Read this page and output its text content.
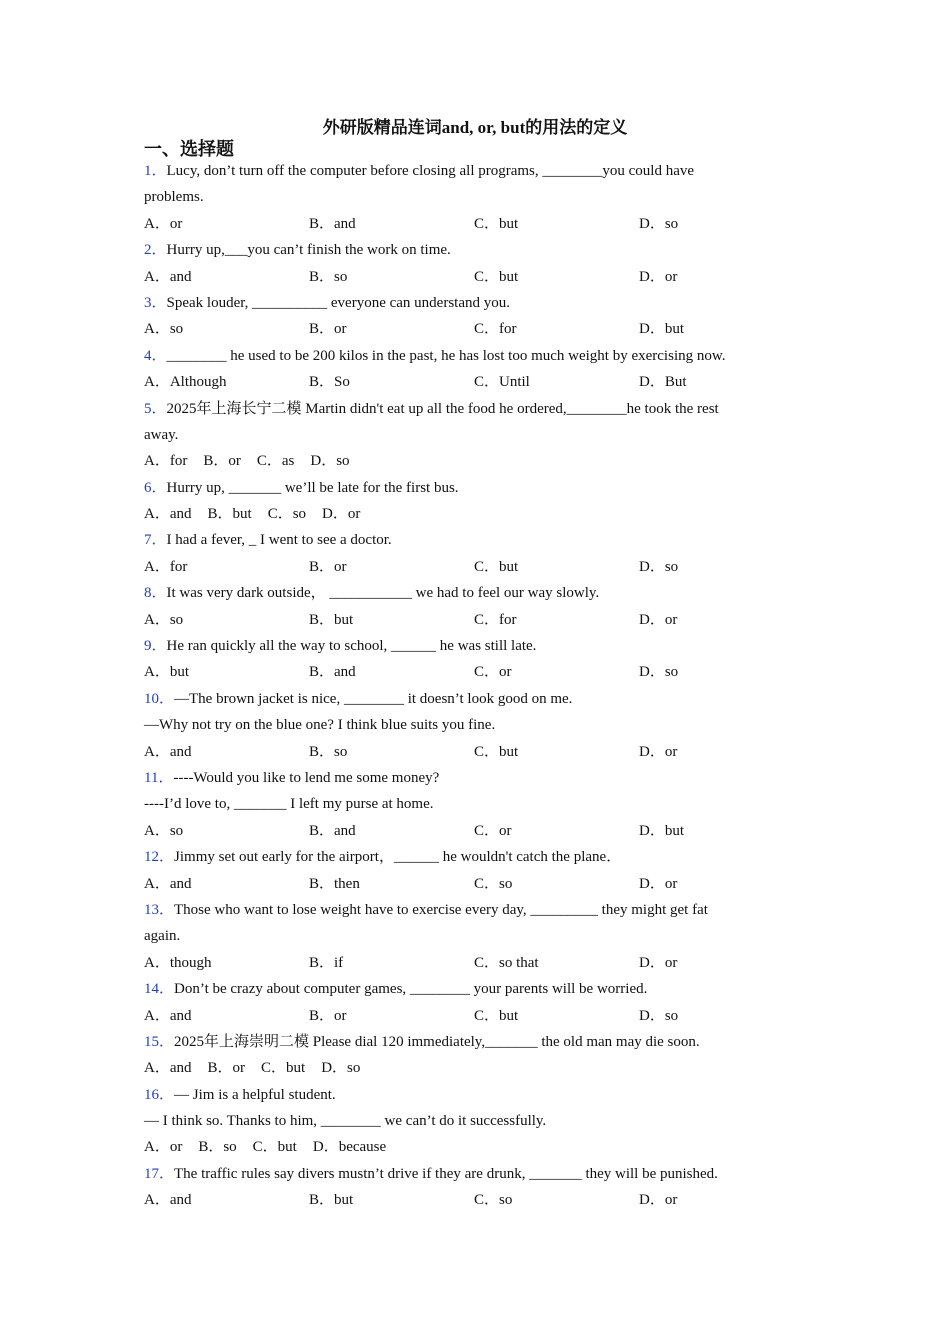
外研版精品连词and, or, but的用法的定义
一、选择题
1．Lucy, don’t turn off the computer before closing all programs, ________you could have
problems.
A．or	B．and	C．but	D．so
2．Hurry up,___you can’t finish the work on time.
A．and	B．so	C．but	D．or
3．Speak louder, __________ everyone can understand you.
A．so	B．or	C．for	D．but
4．________ he used to be 200 kilos in the past, he has lost too much weight by exercising now.
A．Although	B．So	C．Until	D．But
5．2025年上海长宁二模 Martin didn't eat up all the food he ordered,________he took the rest
away.
A．for B．or C．as D．so
6．Hurry up, _______ we’ll be late for the first bus.
A．and B．but C．so D．or
7．I had a fever, _ I went to see a doctor.
A．for	B．or	C．but	D．so
8．It was very dark outside， ___________ we had to feel our way slowly.
A．so	B．but	C．for	D．or
9．He ran quickly all the way to school, ______ he was still late.
A．but	B．and	C．or	D．so
10．—The brown jacket is nice, ________ it doesn’t look good on me.
—Why not try on the blue one? I think blue suits you fine.
A．and	B．so	C．but	D．or
11．----Would you like to lend me some money?
----I’d love to, _______ I left my purse at home.
A．so	B．and	C．or	D．but
12．Jimmy set out early for the airport，______ he wouldn't catch the plane．
A．and	B．then	C．so	D．or
13．Those who want to lose weight have to exercise every day, _________ they might get fat
again.
A．though	B．if	C．so that	D．or
14．Don’t be crazy about computer games, ________ your parents will be worried.
A．and	B．or	C．but	D．so
15．2025年上海崇明二模 Please dial 120 immediately,_______ the old man may die soon.
A．and B．or C．but D．so
16．— Jim is a helpful student.
— I think so. Thanks to him, ________ we can’t do it successfully.
A．or B．so C．but D．because
17．The traffic rules say divers mustn’t drive if they are drunk, _______ they will be punished.
A．and	B．but	C．so	D．or
